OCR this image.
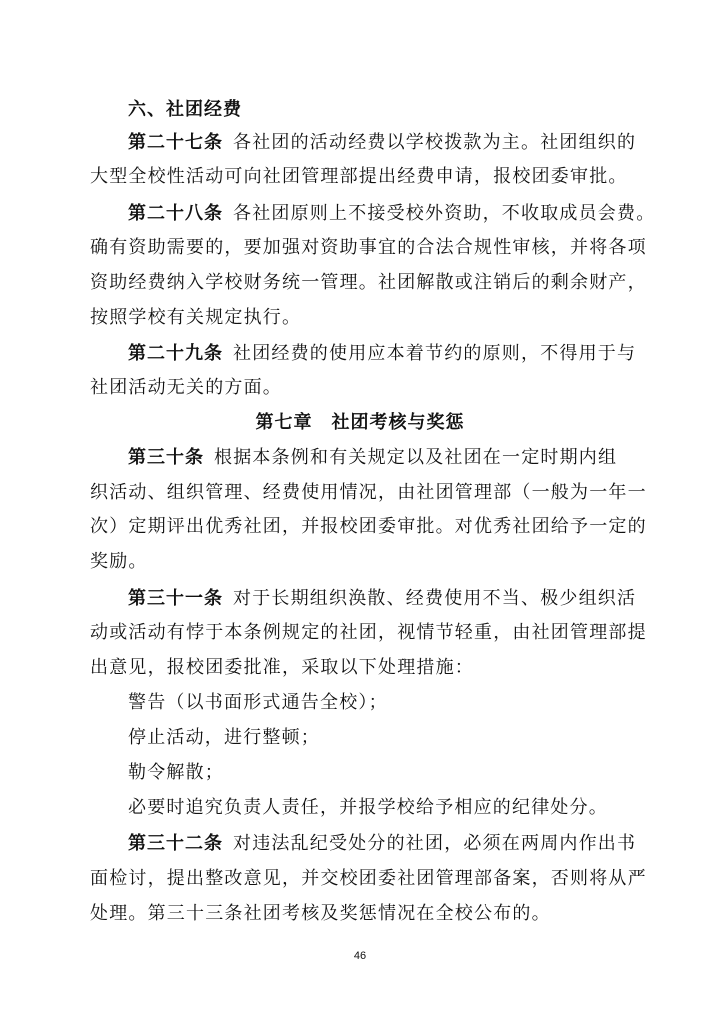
六、社团经费
第二十七条 各社团的活动经费以学校拨款为主。社团组织的
大型全校性活动可向社团管理部提出经费申请，报校团委审批。
第二十八条 各社团原则上不接受校外资助，不收取成员会费。
确有资助需要的，要加强对资助事宜的合法合规性审核，并将各项
资助经费纳入学校财务统一管理。社团解散或注销后的剩余财产，
按照学校有关规定执行。
第二十九条 社团经费的使用应本着节约的原则，不得用于与
社团活动无关的方面。
第七章　社团考核与奖惩
第三十条 根据本条例和有关规定以及社团在一定时期内组
织活动、组织管理、经费使用情况，由社团管理部（一般为一年一
次）定期评出优秀社团，并报校团委审批。对优秀社团给予一定的
奖励。
第三十一条 对于长期组织涣散、经费使用不当、极少组织活
动或活动有悖于本条例规定的社团，视情节轻重，由社团管理部提
出意见，报校团委批准，采取以下处理措施：
警告（以书面形式通告全校）；
停止活动，进行整顿；
勒令解散；
必要时追究负责人责任，并报学校给予相应的纪律处分。
第三十二条 对违法乱纪受处分的社团，必须在两周内作出书
面检讨，提出整改意见，并交校团委社团管理部备案，否则将从严
处理。第三十三条社团考核及奖惩情况在全校公布的。
46
